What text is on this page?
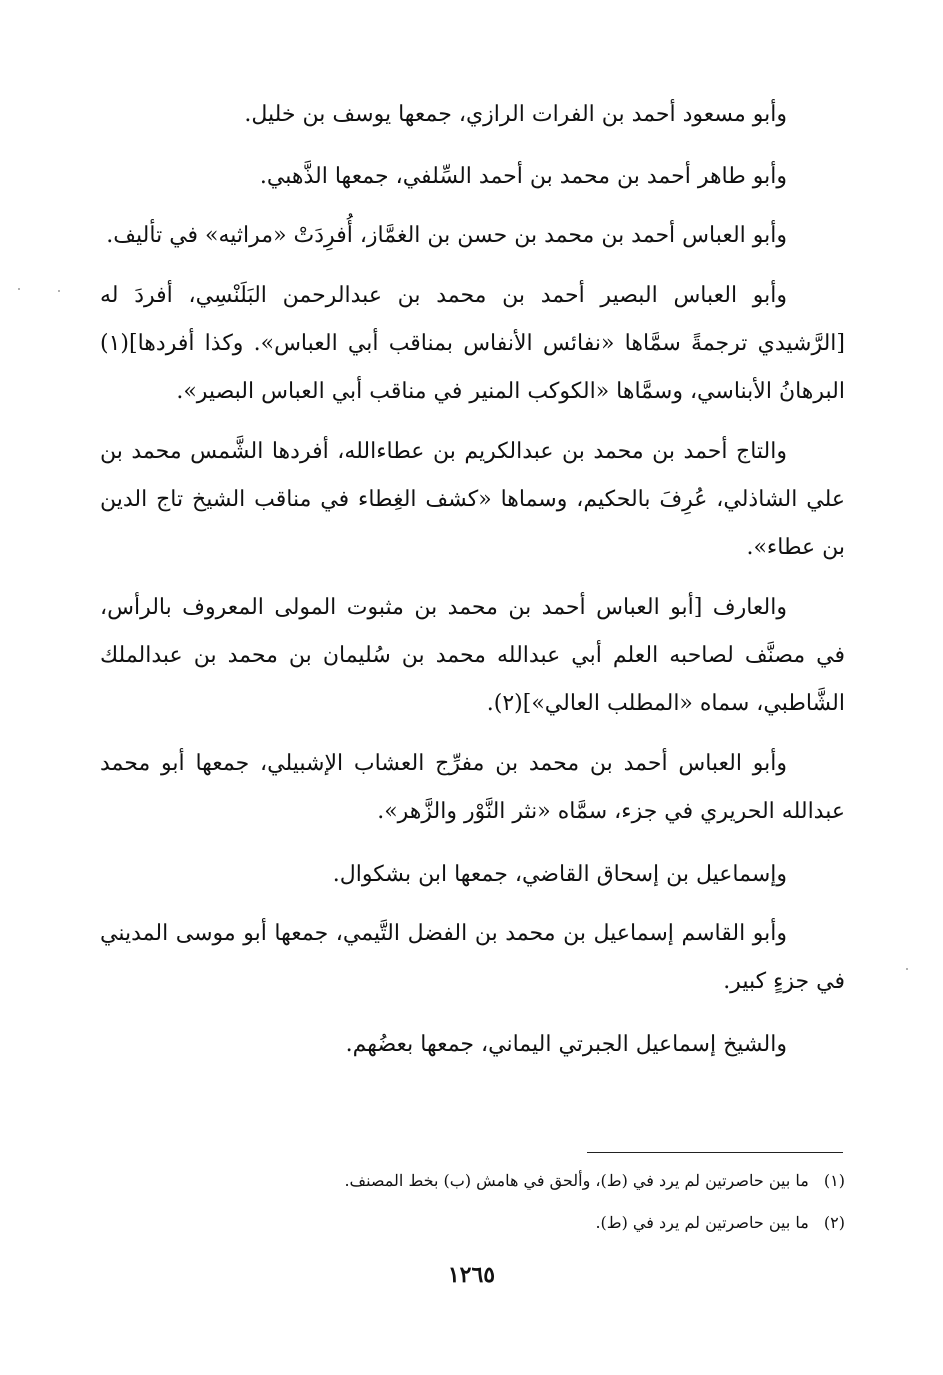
وأبو مسعود أحمد بن الفرات الرازي، جمعها يوسف بن خليل.

وأبو طاهر أحمد بن محمد بن أحمد السِّلفي، جمعها الذَّهبي.

وأبو العباس أحمد بن محمد بن حسن بن الغمَّاز، أُفرِدَتْ «مراثيه» في تأليف.

وأبو العباس البصير أحمد بن محمد بن عبدالرحمن البَلَنْسِي، أفردَ له [الرَّشيدي ترجمةً سمَّاها «نفائس الأنفاس بمناقب أبي العباس». وكذا أفردها](١) البرهانُ الأبناسي، وسمَّاها «الكوكب المنير في مناقب أبي العباس البصير».

والتاج أحمد بن محمد بن عبدالكريم بن عطاءالله، أفردها الشَّمس محمد بن علي الشاذلي، عُرِفَ بالحكيم، وسماها «كشف الغِطاء في مناقب الشيخ تاج الدين بن عطاء».

والعارف [أبو العباس أحمد بن محمد بن مثبوت المولى المعروف بالرأس، في مصنَّف لصاحبه العلم أبي عبدالله محمد بن سُليمان بن محمد بن عبدالملك الشَّاطبي، سماه «المطلب العالي»](٢).

وأبو العباس أحمد بن محمد بن مفرِّج العشاب الإشبيلي، جمعها أبو محمد عبدالله الحريري في جزء، سمَّاه «نثر النَّوْر والزَّهر».

وإسماعيل بن إسحاق القاضي، جمعها ابن بشكوال.

وأبو القاسم إسماعيل بن محمد بن الفضل التَّيمي، جمعها أبو موسى المديني في جزءٍ كبير.

والشيخ إسماعيل الجبرتي اليماني، جمعها بعضُهم.

(١) ما بين حاصرتين لم يرد في (ط)، وألحق في هامش (ب) بخط المصنف.

(٢) ما بين حاصرتين لم يرد في (ط).

١٢٦٥
